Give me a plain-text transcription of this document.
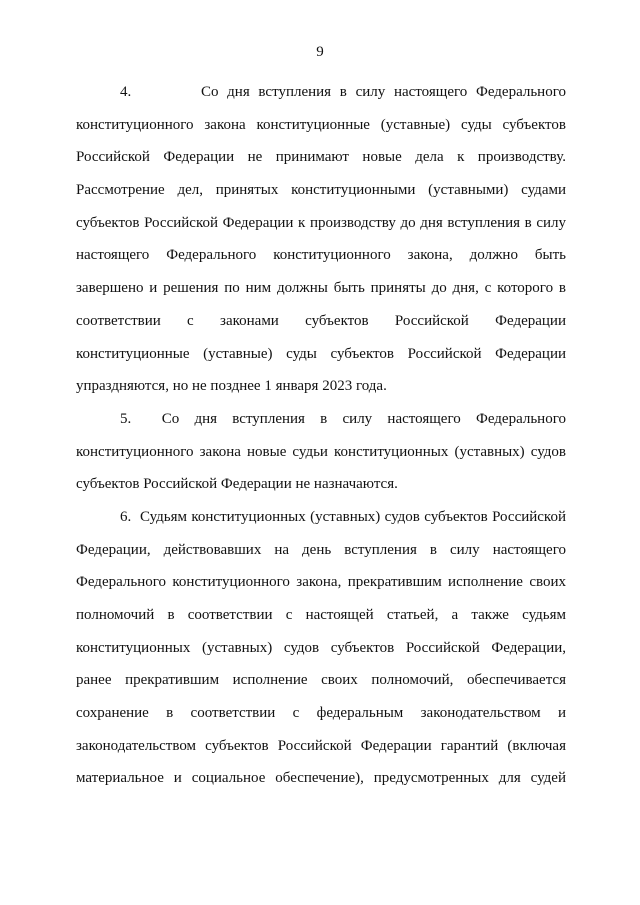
9
4.        Со дня вступления в силу настоящего Федерального
конституционного закона конституционные (уставные) суды субъектов
Российской Федерации не принимают новые дела к производству.
Рассмотрение дел, принятых конституционными (уставными) судами
субъектов Российской Федерации к производству до дня вступления в силу
настоящего Федерального конституционного закона, должно быть
завершено и решения по ним должны быть приняты до дня, с которого в
соответствии с законами субъектов Российской Федерации
конституционные (уставные) суды субъектов Российской Федерации
упраздняются, но не позднее 1 января 2023 года.
5.  Со дня вступления в силу настоящего Федерального
конституционного закона новые судьи конституционных (уставных) судов
субъектов Российской Федерации не назначаются.
6.  Судьям конституционных (уставных) судов субъектов Российской
Федерации, действовавших на день вступления в силу настоящего
Федерального конституционного закона, прекратившим исполнение своих
полномочий в соответствии с настоящей статьей, а также судьям
конституционных (уставных) судов субъектов Российской Федерации,
ранее прекратившим исполнение своих полномочий, обеспечивается
сохранение в соответствии с федеральным законодательством и
законодательством субъектов Российской Федерации гарантий (включая
материальное и социальное обеспечение), предусмотренных для судей
